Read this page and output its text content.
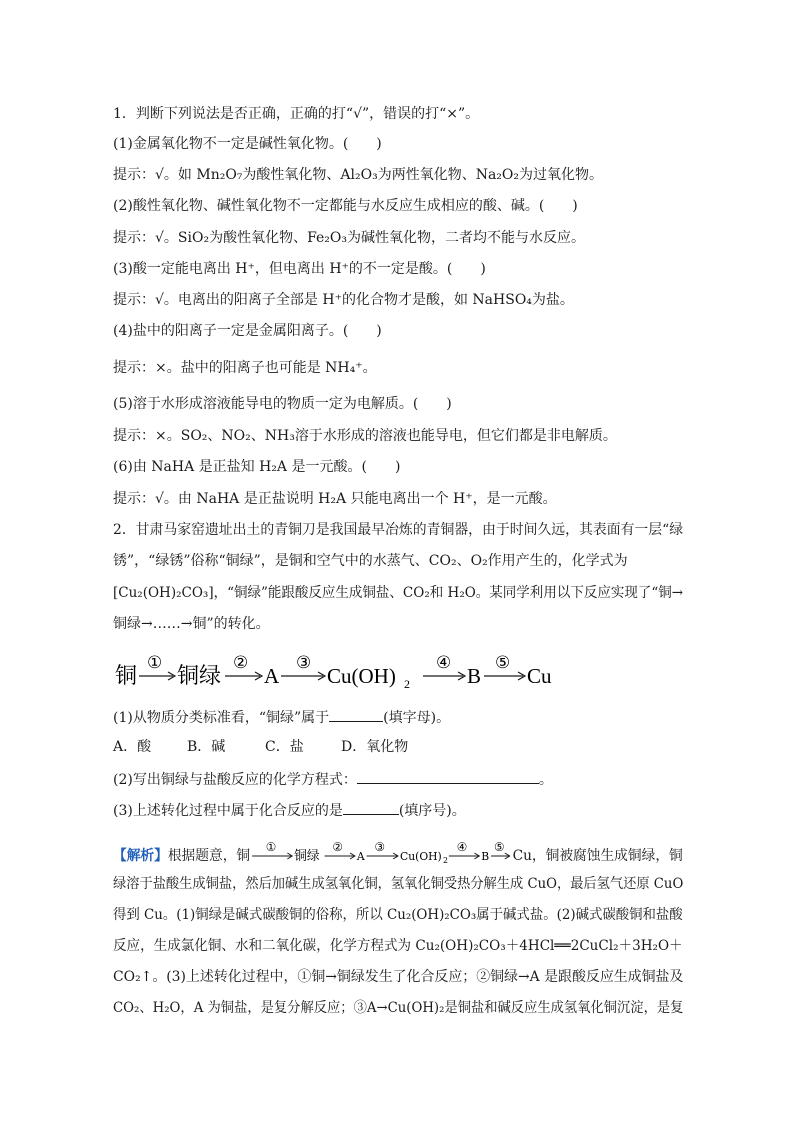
1．判断下列说法是否正确，正确的打“√”，错误的打“×”。
(1)金属氧化物不一定是碱性氧化物。(　　)
提示：√。如 Mn₂O₇为酸性氧化物、Al₂O₃为两性氧化物、Na₂O₂为过氧化物。
(2)酸性氧化物、碱性氧化物不一定都能与水反应生成相应的酸、碱。(　　)
提示：√。SiO₂为酸性氧化物、Fe₂O₃为碱性氧化物，二者均不能与水反应。
(3)酸一定能电离出 H⁺，但电离出 H⁺的不一定是酸。(　　)
提示：√。电离出的阳离子全部是 H⁺的化合物才是酸，如 NaHSO₄为盐。
(4)盐中的阳离子一定是金属阳离子。(　　)
提示：×。盐中的阳离子也可能是 NH₄⁺。
(5)溶于水形成溶液能导电的物质一定为电解质。(　　)
提示：×。SO₂、NO₂、NH₃溶于水形成的溶液也能导电，但它们都是非电解质。
(6)由 NaHA 是正盐知 H₂A 是一元酸。(　　)
提示：√。由 NaHA 是正盐说明 H₂A 只能电离出一个 H⁺，是一元酸。
2．甘肃马家窑遗址出土的青铜刀是我国最早冶炼的青铜器，由于时间久远，其表面有一层“绿
锈”，“绿锈”俗称“铜绿”，是铜和空气中的水蒸气、CO₂、O₂作用产生的，化学式为
[Cu₂(OH)₂CO₃]，“铜绿”能跟酸反应生成铜盐、CO₂和 H₂O。某同学利用以下反应实现了“铜→
铜绿→……→铜”的转化。
铜
①
铜绿
②
A
③
Cu(OH) 2
④
B
⑤
Cu
(1)从物质分类标准看，“铜绿”属于	(填字母)。
A．酸	B．碱	C．盐	D．氧化物
(2)写出铜绿与盐酸反应的化学方程式：	。
(3)上述转化过程中属于化合反应的是	(填序号)。
【解析】根据题意，铜
①
铜绿
②
A
③
Cu(OH) 2
④
B
⑤
Cu，铜被腐蚀生成铜绿，铜
绿溶于盐酸生成铜盐，然后加碱生成氢氧化铜，氢氧化铜受热分解生成 CuO，最后氢气还原 CuO
得到 Cu。(1)铜绿是碱式碳酸铜的俗称，所以 Cu₂(OH)₂CO₃属于碱式盐。(2)碱式碳酸铜和盐酸
反应，生成氯化铜、水和二氧化碳，化学方程式为 Cu₂(OH)₂CO₃＋4HCl══2CuCl₂＋3H₂O＋
CO₂↑。(3)上述转化过程中，①铜→铜绿发生了化合反应；②铜绿→A 是跟酸反应生成铜盐及
CO₂、H₂O，A 为铜盐，是复分解反应；③A→Cu(OH)₂是铜盐和碱反应生成氢氧化铜沉淀，是复
